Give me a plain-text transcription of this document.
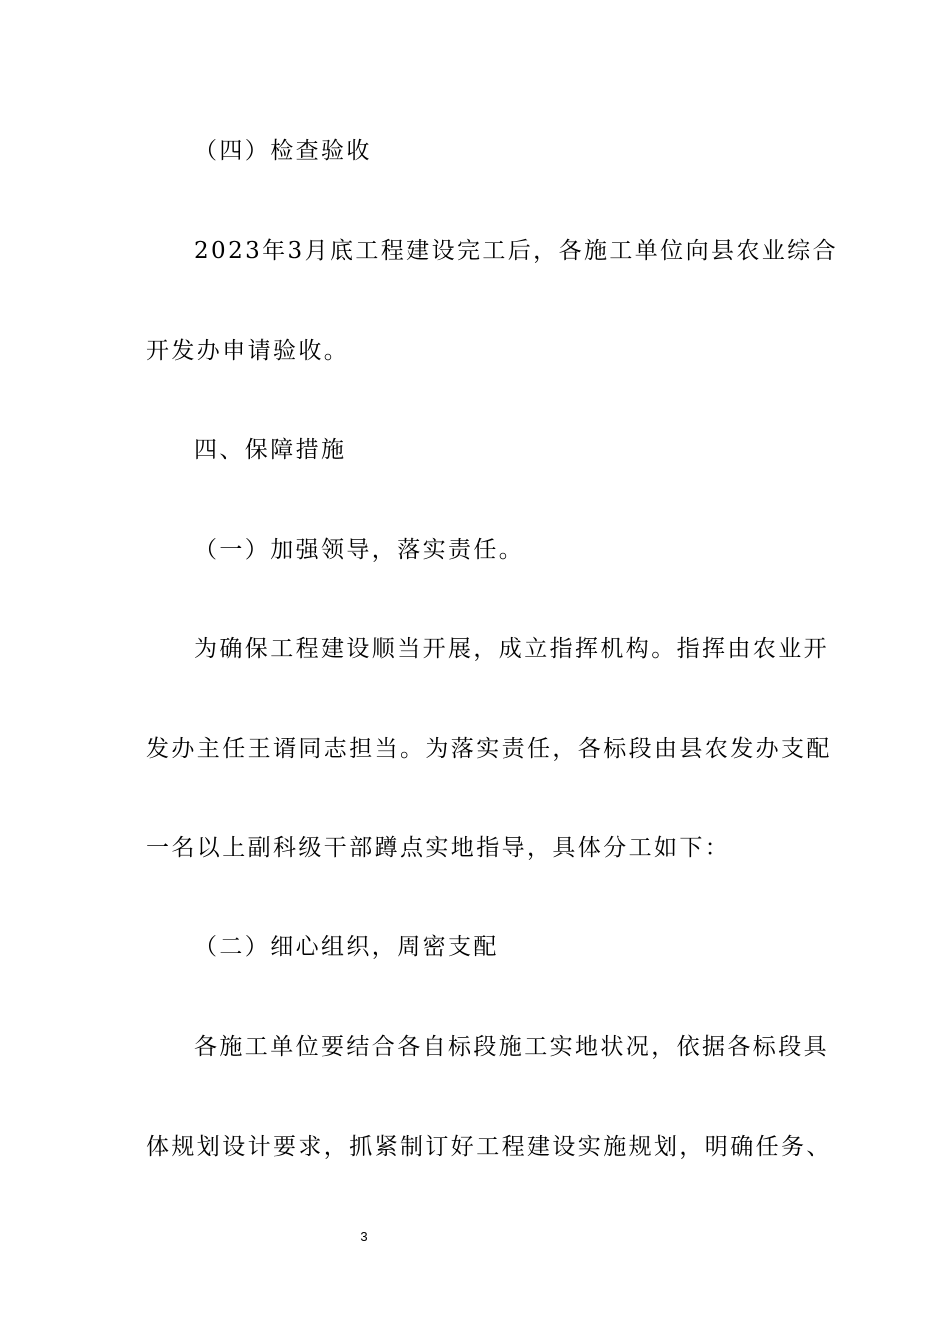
（四）检查验收
2023年3月底工程建设完工后，各施工单位向县农业综合
开发办申请验收。
四、保障措施
（一）加强领导，落实责任。
为确保工程建设顺当开展，成立指挥机构。指挥由农业开
发办主任王谞同志担当。为落实责任，各标段由县农发办支配
一名以上副科级干部蹲点实地指导，具体分工如下：
（二）细心组织，周密支配
各施工单位要结合各自标段施工实地状况，依据各标段具
体规划设计要求，抓紧制订好工程建设实施规划，明确任务、
3
